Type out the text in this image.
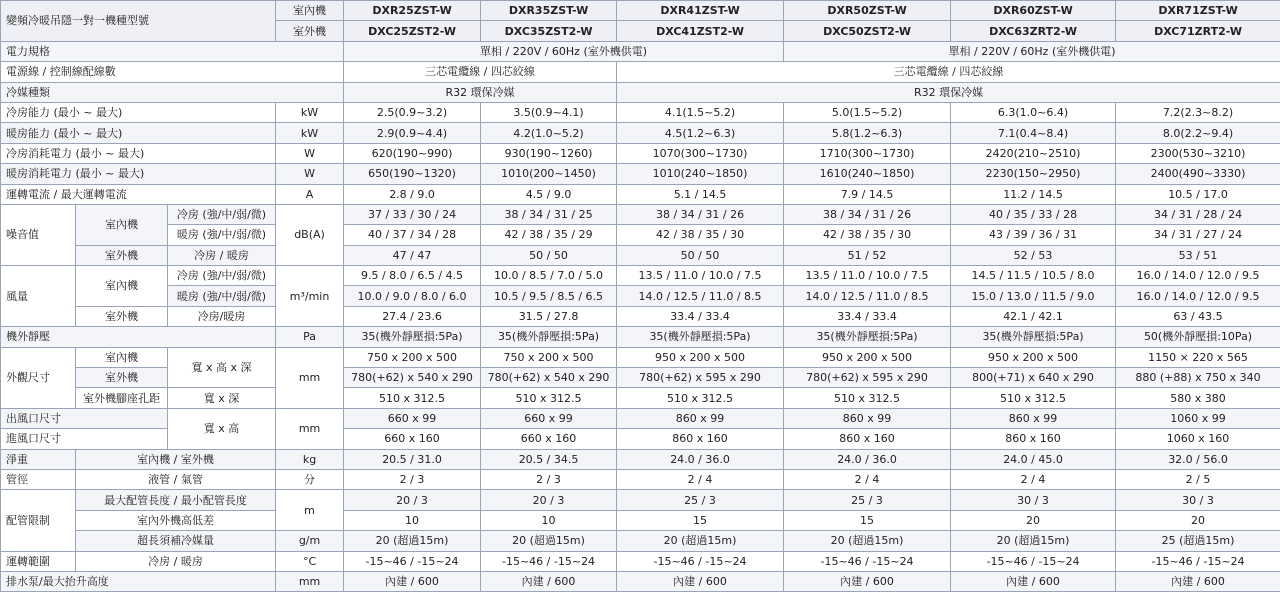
變頻冷暖吊隱一對一機種型號			室內機	DXR25ZST-W	DXR35ZST-W	DXR41ZST-W	DXR50ZST-W	DXR60ZST-W	DXR71ZST-W
			室外機	DXC25ZST2-W	DXC35ZST2-W	DXC41ZST2-W	DXC50ZST2-W	DXC63ZRT2-W	DXC71ZRT2-W
電力規格				單相 / 220V / 60Hz (室外機供電)			單相 / 220V / 60Hz (室外機供電)		
電源線 / 控制線配線數				三芯電纜線 / 四芯絞線		三芯電纜線 / 四芯絞線			
冷媒種類				R32 環保冷媒		R32 環保冷媒			
冷房能力 (最小 ~ 最大)			kW	2.5(0.9~3.2)	3.5(0.9~4.1)	4.1(1.5~5.2)	5.0(1.5~5.2)	6.3(1.0~6.4)	7.2(2.3~8.2)
暖房能力 (最小 ~ 最大)			kW	2.9(0.9~4.4)	4.2(1.0~5.2)	4.5(1.2~6.3)	5.8(1.2~6.3)	7.1(0.4~8.4)	8.0(2.2~9.4)
冷房消耗電力 (最小 ~ 最大)			W	620(190~990)	930(190~1260)	1070(300~1730)	1710(300~1730)	2420(210~2510)	2300(530~3210)
暖房消耗電力 (最小 ~ 最大)			W	650(190~1320)	1010(200~1450)	1010(240~1850)	1610(240~1850)	2230(150~2950)	2400(490~3330)
運轉電流 / 最大運轉電流			A	2.8 / 9.0	4.5 / 9.0	5.1 / 14.5	7.9 / 14.5	11.2 / 14.5	10.5 / 17.0
噪音值	室內機	冷房 (強/中/弱/微)	dB(A)	37 / 33 / 30 / 24	38 / 34 / 31 / 25	38 / 34 / 31 / 26	38 / 34 / 31 / 26	40 / 35 / 33 / 28	34 / 31 / 28 / 24
		暖房 (強/中/弱/微)		40 / 37 / 34 / 28	42 / 38 / 35 / 29	42 / 38 / 35 / 30	42 / 38 / 35 / 30	43 / 39 / 36 / 31	34 / 31 / 27 / 24
	室外機	冷房 / 暖房		47 / 47	50 / 50	50 / 50	51 / 52	52 / 53	53 / 51
風量	室內機	冷房 (強/中/弱/微)	m³/min	9.5 / 8.0 / 6.5 / 4.5	10.0 / 8.5 / 7.0 / 5.0	13.5 / 11.0 / 10.0 / 7.5	13.5 / 11.0 / 10.0 / 7.5	14.5 / 11.5 / 10.5 / 8.0	16.0 / 14.0 / 12.0 / 9.5
		暖房 (強/中/弱/微)		10.0 / 9.0 / 8.0 / 6.0	10.5 / 9.5 / 8.5 / 6.5	14.0 / 12.5 / 11.0 / 8.5	14.0 / 12.5 / 11.0 / 8.5	15.0 / 13.0 / 11.5 / 9.0	16.0 / 14.0 / 12.0 / 9.5
	室外機	冷房/暖房		27.4 / 23.6	31.5 / 27.8	33.4 / 33.4	33.4 / 33.4	42.1 / 42.1	63 / 43.5
機外靜壓			Pa	35(機外靜壓損:5Pa)	35(機外靜壓損:5Pa)	35(機外靜壓損:5Pa)	35(機外靜壓損:5Pa)	35(機外靜壓損:5Pa)	50(機外靜壓損:10Pa)
外觀尺寸	室內機	寬 x 高 x 深	mm	750 x 200 x 500	750 x 200 x 500	950 x 200 x 500	950 x 200 x 500	950 x 200 x 500	1150 × 220 x 565
	室外機			780(+62) x 540 x 290	780(+62) x 540 x 290	780(+62) x 595 x 290	780(+62) x 595 x 290	800(+71) x 640 x 290	880 (+88) x 750 x 340
	室外機腳座孔距	寬 x 深		510 x 312.5	510 x 312.5	510 x 312.5	510 x 312.5	510 x 312.5	580 x 380
出風口尺寸		寬 x 高	mm	660 x 99	660 x 99	860 x 99	860 x 99	860 x 99	1060 x 99
進風口尺寸				660 x 160	660 x 160	860 x 160	860 x 160	860 x 160	1060 x 160
淨重	室內機 / 室外機		kg	20.5 / 31.0	20.5 / 34.5	24.0 / 36.0	24.0 / 36.0	24.0 / 45.0	32.0 / 56.0
管徑	液管 / 氣管		分	2 / 3	2 / 3	2 / 4	2 / 4	2 / 4	2 / 5
配管限制	最大配管長度 / 最小配管長度		m	20 / 3	20 / 3	25 / 3	25 / 3	30 / 3	30 / 3
	室內外機高低差			10	10	15	15	20	20
	超長須補冷媒量		g/m	20 (超過15m)	20 (超過15m)	20 (超過15m)	20 (超過15m)	20 (超過15m)	25 (超過15m)
運轉範圍	冷房 / 暖房		°C	-15~46 / -15~24	-15~46 / -15~24	-15~46 / -15~24	-15~46 / -15~24	-15~46 / -15~24	-15~46 / -15~24
排水泵/最大抬升高度			mm	內建 / 600	內建 / 600	內建 / 600	內建 / 600	內建 / 600	內建 / 600
